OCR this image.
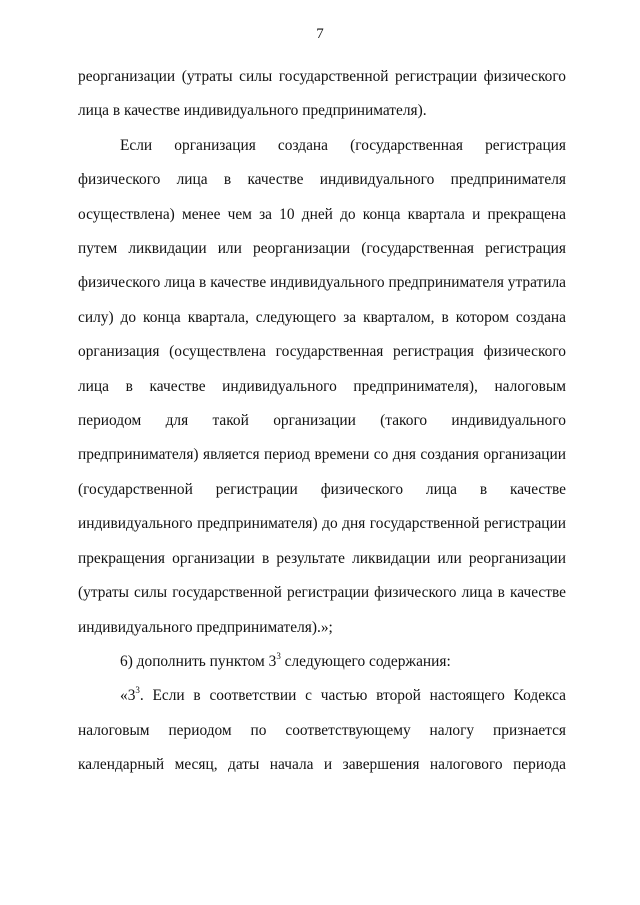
7

реорганизации (утраты силы государственной регистрации физического лица в качестве индивидуального предпринимателя).

Если организация создана (государственная регистрация физического лица в качестве индивидуального предпринимателя осуществлена) менее чем за 10 дней до конца квартала и прекращена путем ликвидации или реорганизации (государственная регистрация физического лица в качестве индивидуального предпринимателя утратила силу) до конца квартала, следующего за кварталом, в котором создана организация (осуществлена государственная регистрация физического лица в качестве индивидуального предпринимателя), налоговым периодом для такой организации (такого индивидуального предпринимателя) является период времени со дня создания организации (государственной регистрации физического лица в качестве индивидуального предпринимателя) до дня государственной регистрации прекращения организации в результате ликвидации или реорганизации (утраты силы государственной регистрации физического лица в качестве индивидуального предпринимателя).»;

6) дополнить пунктом $3^3$ следующего содержания:

«$3^3$. Если в соответствии с частью второй настоящего Кодекса налоговым периодом по соответствующему налогу признается календарный месяц, даты начала и завершения налогового периода
